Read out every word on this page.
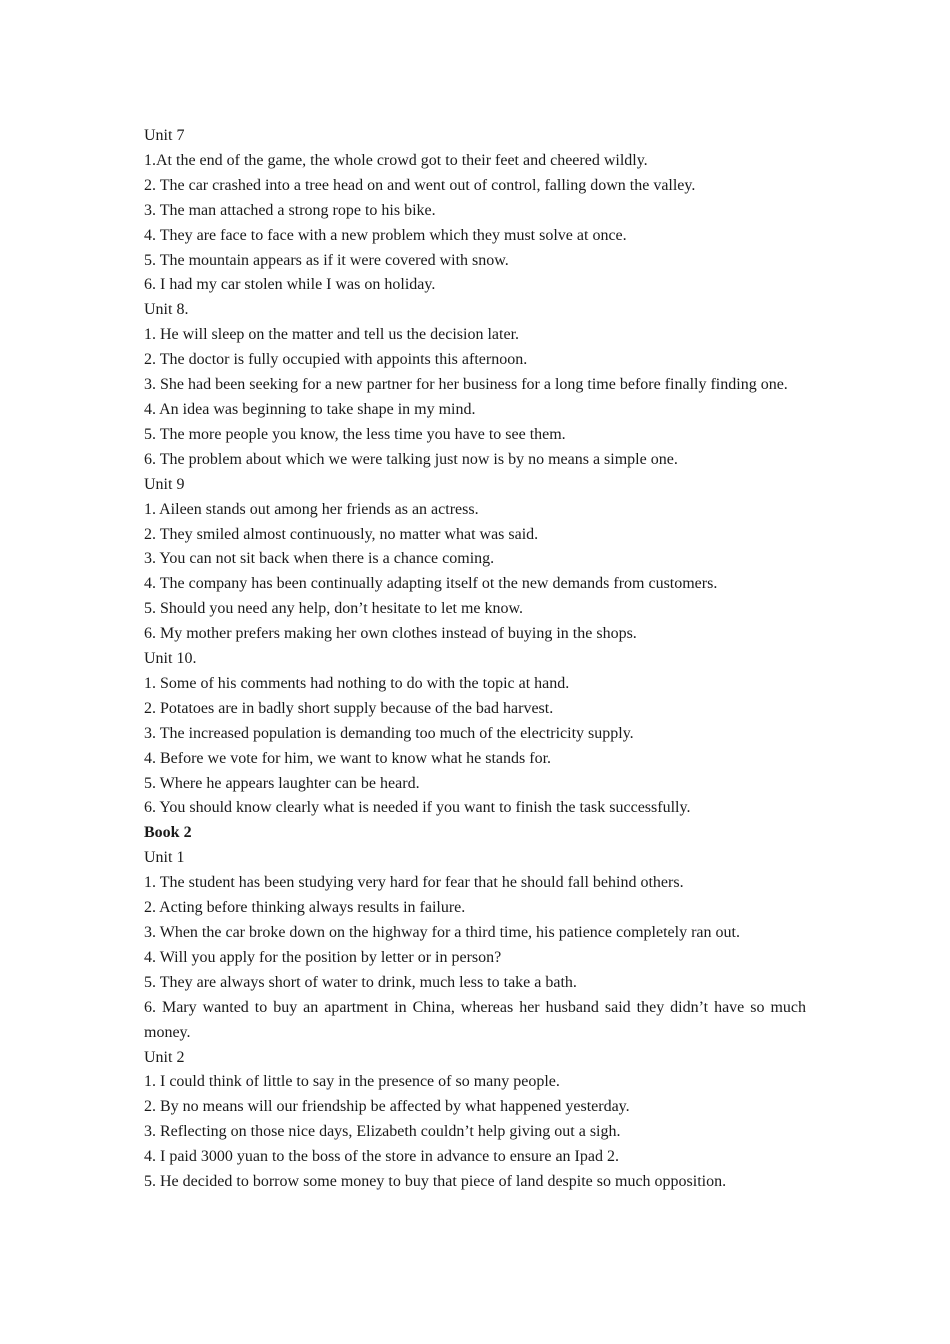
Unit 7
1.At the end of the game, the whole crowd got to their feet and cheered wildly.
2. The car crashed into a tree head on and went out of control, falling down the valley.
3. The man attached a strong rope to his bike.
4. They are face to face with a new problem which they must solve at once.
5. The mountain appears as if it were covered with snow.
6. I had my car stolen while I was on holiday.
Unit 8.
1. He will sleep on the matter and tell us the decision later.
2. The doctor is fully occupied with appoints this afternoon.
3. She had been seeking for a new partner for her business for a long time before finally finding one.
4. An idea was beginning to take shape in my mind.
5. The more people you know, the less time you have to see them.
6. The problem about which we were talking just now is by no means a simple one.
Unit 9
1. Aileen stands out among her friends as an actress.
2. They smiled almost continuously, no matter what was said.
3. You can not sit back when there is a chance coming.
4. The company has been continually adapting itself ot the new demands from customers.
5. Should you need any help, don’t hesitate to let me know.
6. My mother prefers making her own clothes instead of buying in the shops.
Unit 10.
1. Some of his comments had nothing to do with the topic at hand.
2. Potatoes are in badly short supply because of the bad harvest.
3. The increased population is demanding too much of the electricity supply.
4. Before we vote for him, we want to know what he stands for.
5. Where he appears laughter can be heard.
6. You should know clearly what is needed if you want to finish the task successfully.
Book 2
Unit 1
1. The student has been studying very hard for fear that he should fall behind others.
2. Acting before thinking always results in failure.
3. When the car broke down on the highway for a third time, his patience completely ran out.
4. Will you apply for the position by letter or in person?
5. They are always short of water to drink, much less to take a bath.
6. Mary wanted to buy an apartment in China, whereas her husband said they didn’t have so much money.
Unit 2
1. I could think of little to say in the presence of so many people.
2. By no means will our friendship be affected by what happened yesterday.
3. Reflecting on those nice days, Elizabeth couldn’t help giving out a sigh.
4. I paid 3000 yuan to the boss of the store in advance to ensure an Ipad 2.
5. He decided to borrow some money to buy that piece of land despite so much opposition.
